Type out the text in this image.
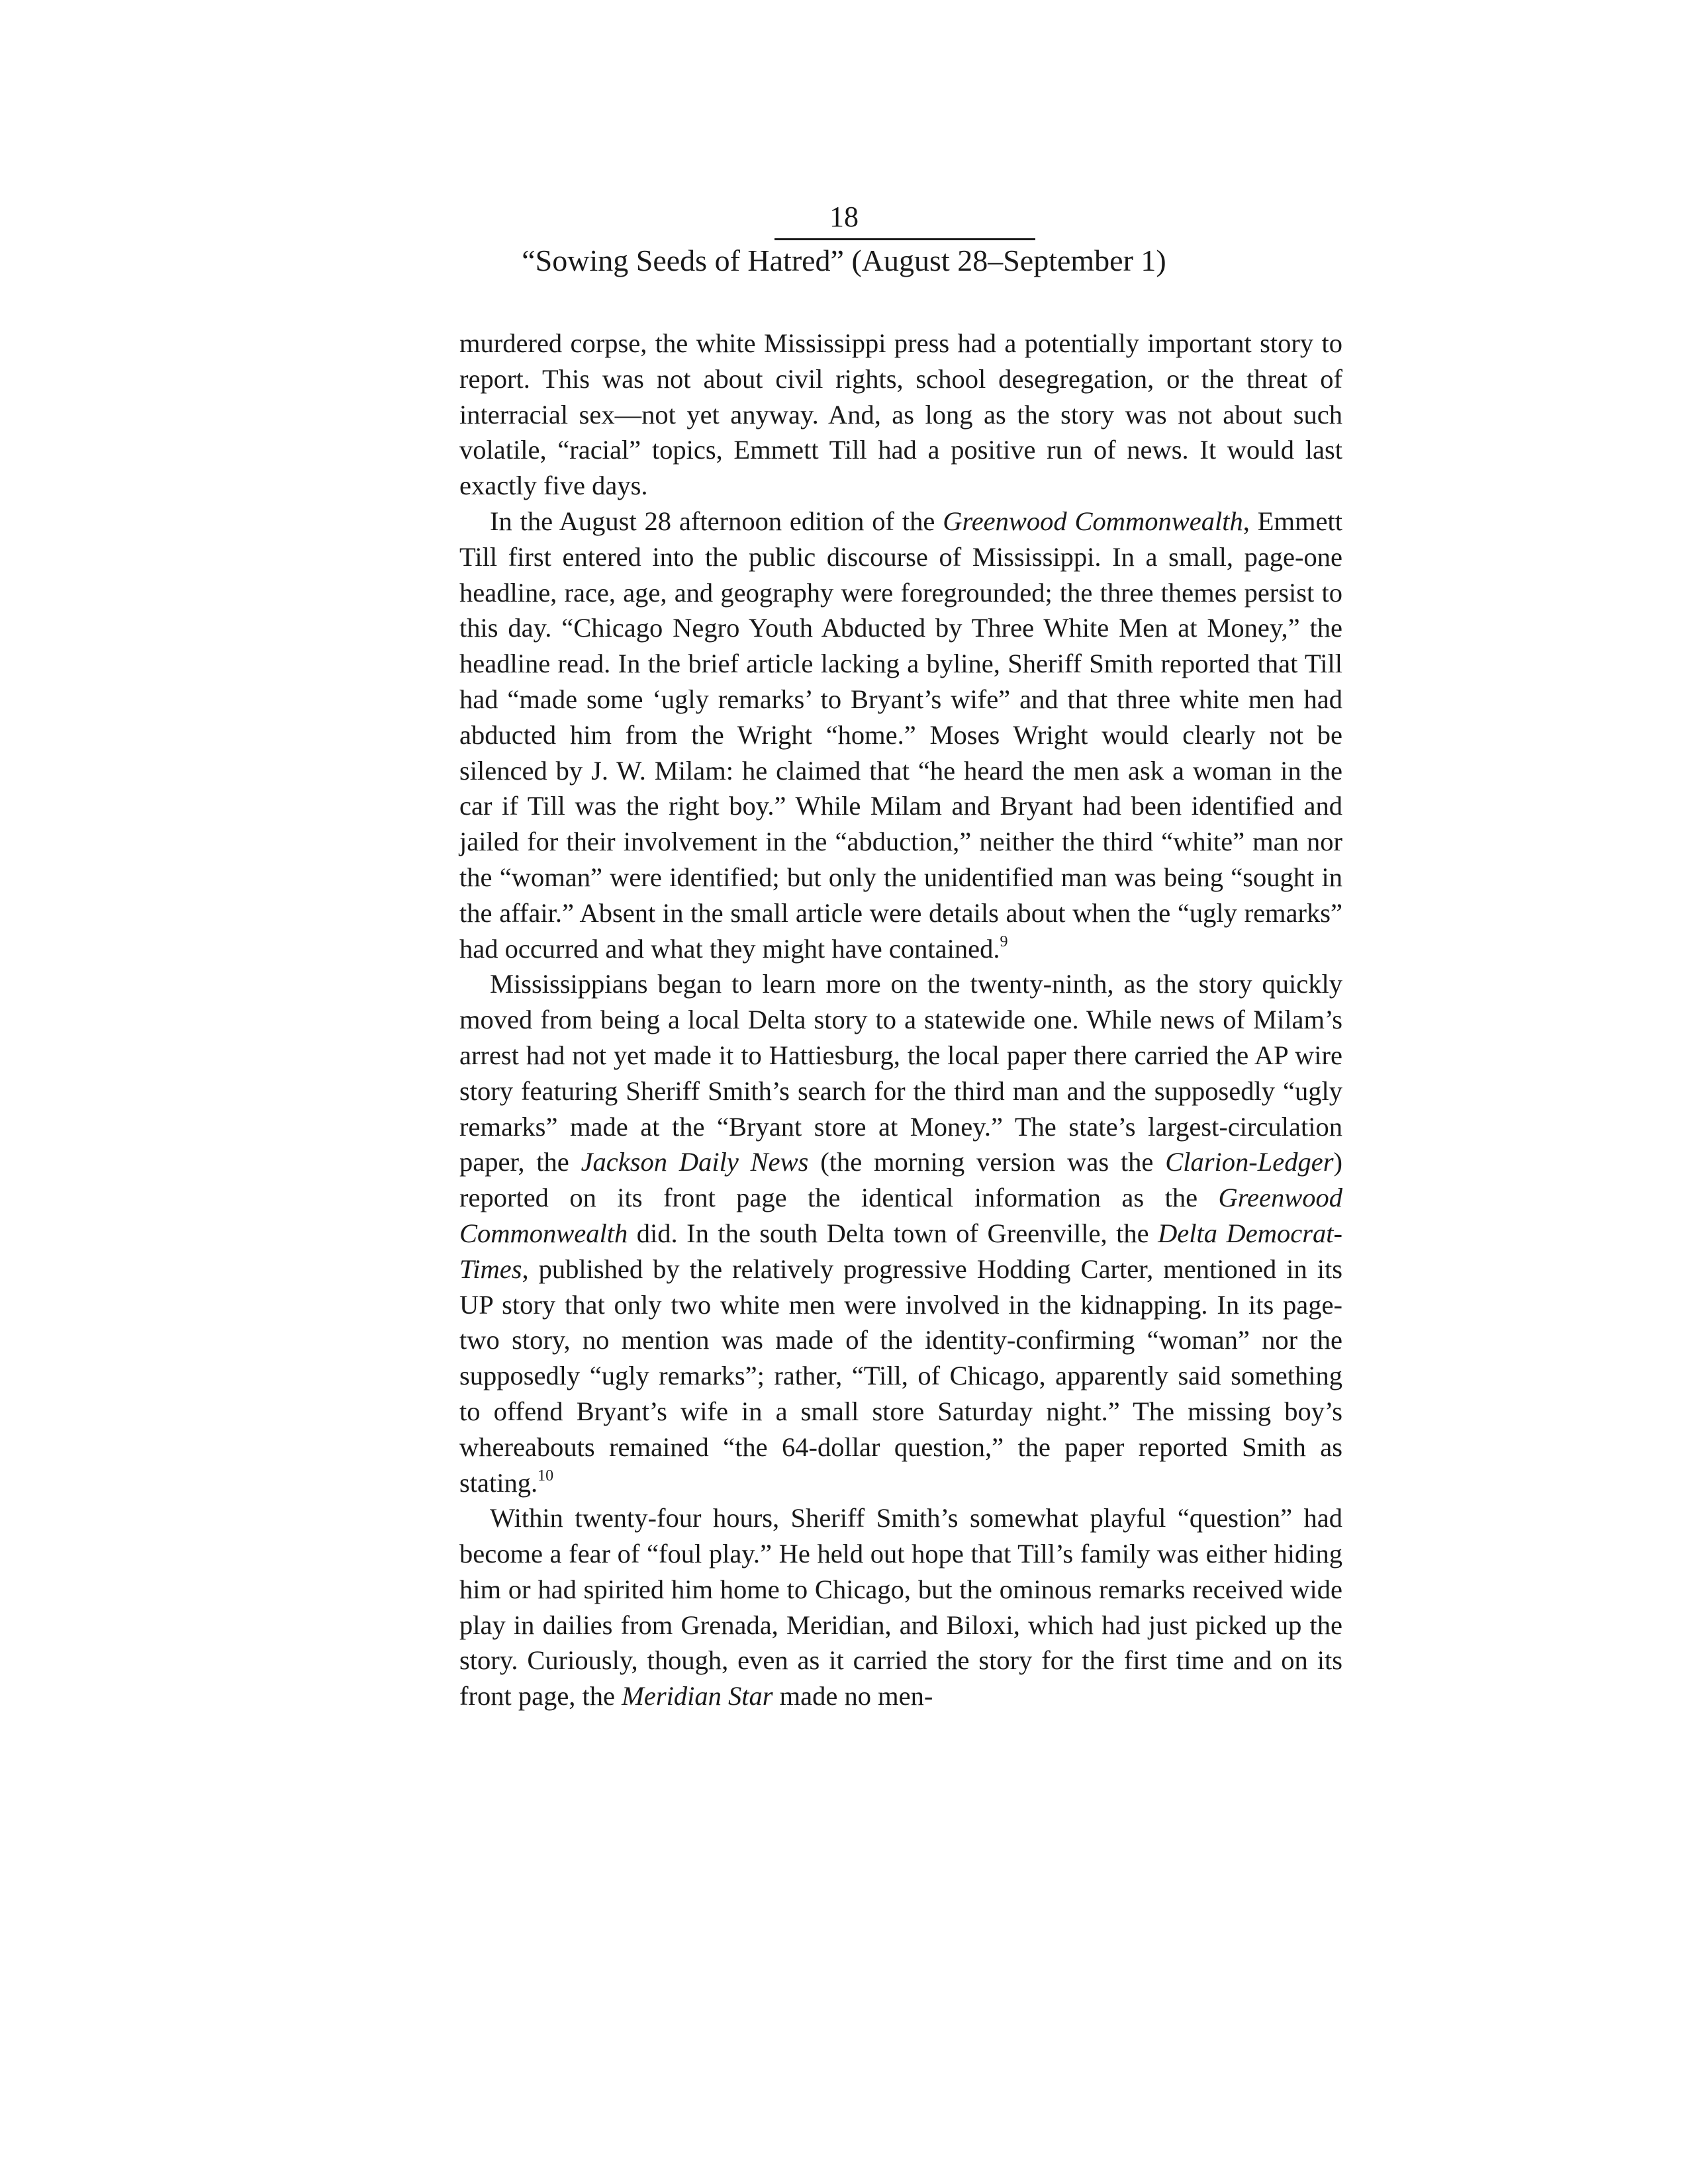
18
“Sowing Seeds of Hatred” (August 28–September 1)

murdered corpse, the white Mississippi press had a potentially important story to report. This was not about civil rights, school desegregation, or the threat of interracial sex—not yet anyway. And, as long as the story was not about such volatile, “racial” topics, Emmett Till had a positive run of news. It would last exactly five days.

In the August 28 afternoon edition of the Greenwood Commonwealth, Emmett Till first entered into the public discourse of Mississippi. In a small, page-one headline, race, age, and geography were foregrounded; the three themes persist to this day. “Chicago Negro Youth Abducted by Three White Men at Money,” the headline read. In the brief article lacking a byline, Sheriff Smith reported that Till had “made some ‘ugly remarks’ to Bryant’s wife” and that three white men had abducted him from the Wright “home.” Moses Wright would clearly not be silenced by J. W. Milam: he claimed that “he heard the men ask a woman in the car if Till was the right boy.” While Milam and Bryant had been identified and jailed for their involvement in the “abduction,” neither the third “white” man nor the “woman” were identified; but only the unidentified man was being “sought in the affair.” Absent in the small article were details about when the “ugly remarks” had occurred and what they might have contained.$^9$

Mississippians began to learn more on the twenty-ninth, as the story quickly moved from being a local Delta story to a statewide one. While news of Milam’s arrest had not yet made it to Hattiesburg, the local paper there carried the AP wire story featuring Sheriff Smith’s search for the third man and the supposedly “ugly remarks” made at the “Bryant store at Money.” The state’s largest-circulation paper, the Jackson Daily News (the morning version was the Clarion-Ledger) reported on its front page the identical information as the Greenwood Commonwealth did. In the south Delta town of Greenville, the Delta Democrat-Times, published by the relatively progressive Hodding Carter, mentioned in its UP story that only two white men were involved in the kidnapping. In its page-two story, no mention was made of the identity-confirming “woman” nor the supposedly “ugly remarks”; rather, “Till, of Chicago, apparently said something to offend Bryant’s wife in a small store Saturday night.” The missing boy’s whereabouts remained “the 64-dollar question,” the paper reported Smith as stating.$^{10}$

Within twenty-four hours, Sheriff Smith’s somewhat playful “question” had become a fear of “foul play.” He held out hope that Till’s family was either hiding him or had spirited him home to Chicago, but the ominous remarks received wide play in dailies from Grenada, Meridian, and Biloxi, which had just picked up the story. Curiously, though, even as it carried the story for the first time and on its front page, the Meridian Star made no men-
